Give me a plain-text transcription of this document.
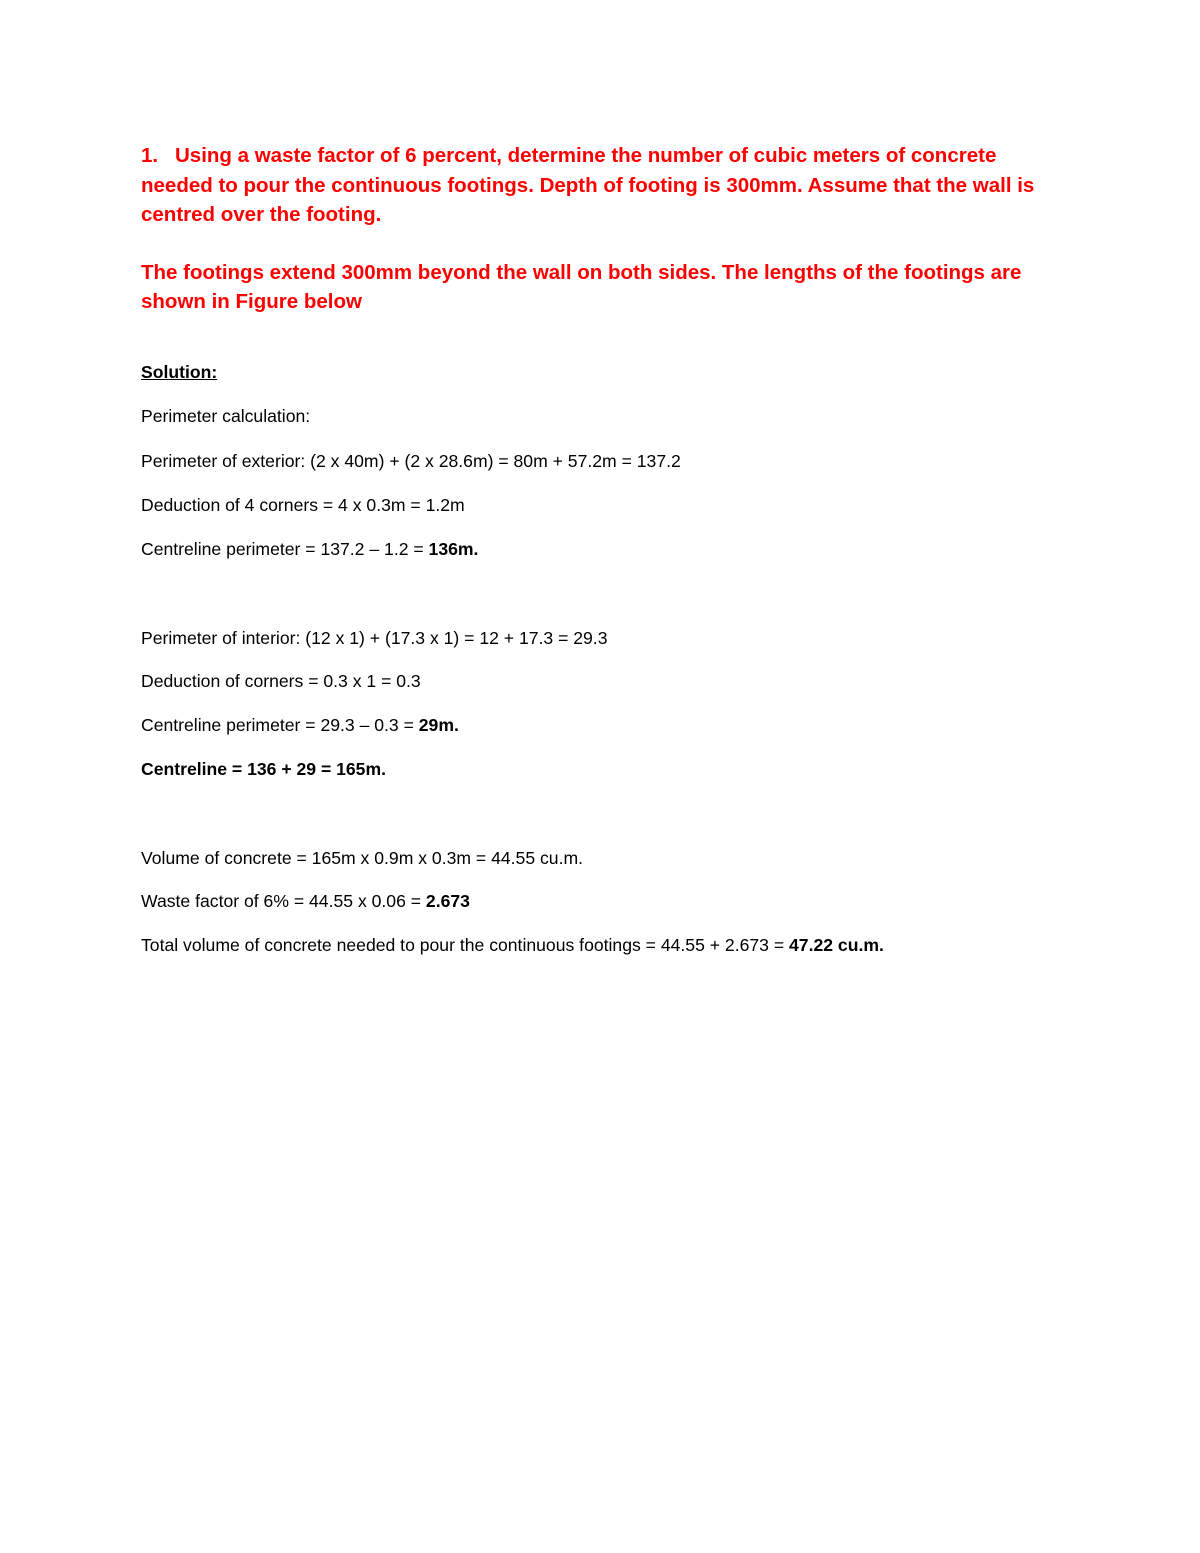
1. Using a waste factor of 6 percent, determine the number of cubic meters of concrete needed to pour the continuous footings. Depth of footing is 300mm. Assume that the wall is centred over the footing.
The footings extend 300mm beyond the wall on both sides. The lengths of the footings are shown in Figure below
Solution:
Perimeter calculation:
Perimeter of exterior: (2 x 40m) + (2 x 28.6m) = 80m + 57.2m = 137.2
Deduction of 4 corners = 4 x 0.3m = 1.2m
Centreline perimeter = 137.2 – 1.2 = 136m.
Perimeter of interior: (12 x 1) + (17.3 x 1) = 12 + 17.3 = 29.3
Deduction of corners = 0.3 x 1 = 0.3
Centreline perimeter = 29.3 – 0.3 = 29m.
Centreline = 136 + 29 = 165m.
Volume of concrete = 165m x 0.9m x 0.3m = 44.55 cu.m.
Waste factor of 6% = 44.55 x 0.06 = 2.673
Total volume of concrete needed to pour the continuous footings = 44.55 + 2.673 = 47.22 cu.m.
